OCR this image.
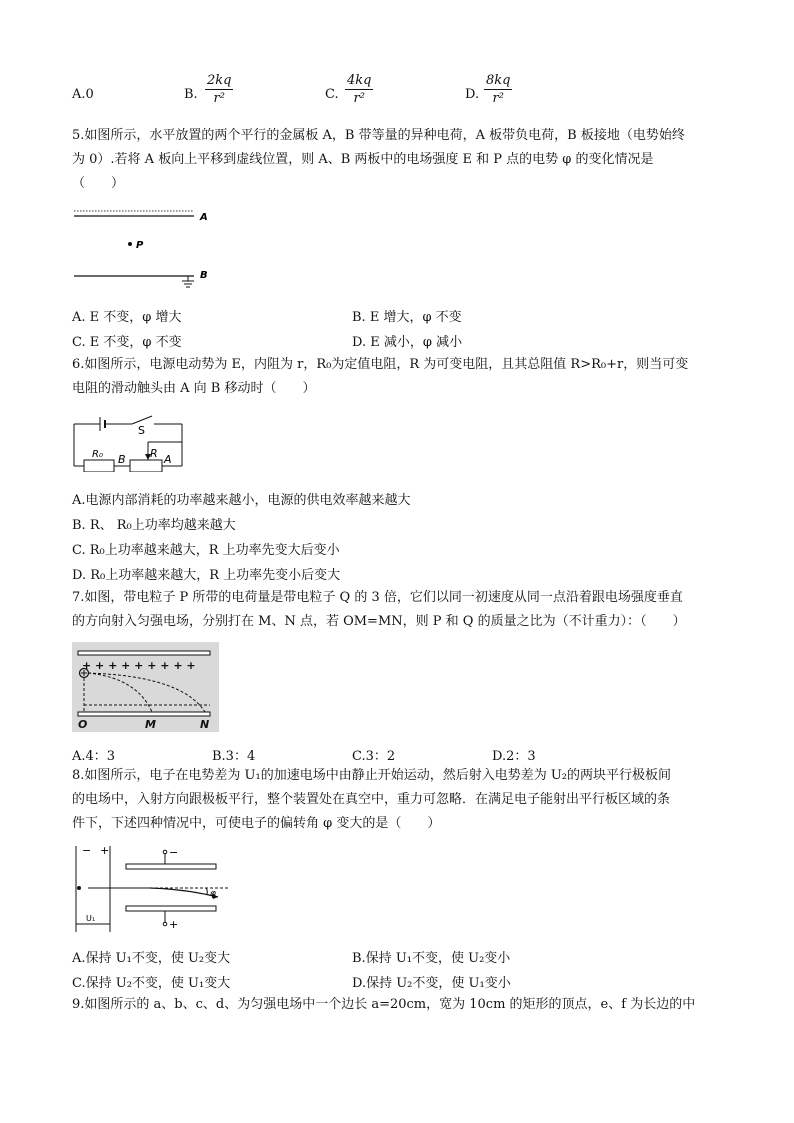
A.0	B. $\frac{2kq}{\text{r²}}$	C. $\frac{4kq}{\text{r²}}$	D. $\frac{8kq}{\text{r²}}$
5.如图所示，水平放置的两个平行的金属板 A，B 带等量的异种电荷，A 板带负电荷，B 板接地（电势始终
为 0）.若将 A 板向上平移到虚线位置，则 A、B 两板中的电场强度 E 和 P 点的电势 φ 的变化情况是
（　　）
A
P
B
A. E 不变，φ 增大	B. E 增大，φ 不变
C. E 不变，φ 不变	D. E 减小，φ 减小
6.如图所示，电源电动势为 E，内阻为 r，R₀为定值电阻，R 为可变电阻，且其总阻值 R>R₀+r，则当可变
电阻的滑动触头由 A 向 B 移动时（　　）
S
R₀ B R A
A.电源内部消耗的功率越来越小，电源的供电效率越来越大
B. R、 R₀上功率均越来越大
C. R₀上功率越来越大，R 上功率先变大后变小
D. R₀上功率越来越大，R 上功率先变小后变大
7.如图，带电粒子 P 所带的电荷量是带电粒子 Q 的 3 倍，它们以同一初速度从同一点沿着跟电场强度垂直
的方向射入匀强电场，分别打在 M、N 点，若 OM=MN，则 P 和 Q 的质量之比为（不计重力）：（　　）
+ + + + + + + + +
O	M	N
A.4：3	B.3：4	C.3：2	D.2：3
8.如图所示，电子在电势差为 U₁的加速电场中由静止开始运动，然后射入电势差为 U₂的两块平行极板间
的电场中，入射方向跟极板平行，整个装置处在真空中，重力可忽略．在满足电子能射出平行板区域的条
件下，下述四种情况中，可使电子的偏转角 φ 变大的是（　　）
− +	−
+
φ
U₁
A.保持 U₁不变，使 U₂变大	B.保持 U₁不变，使 U₂变小
C.保持 U₂不变，使 U₁变大	D.保持 U₂不变，使 U₁变小
9.如图所示的 a、b、c、d、为匀强电场中一个边长 a=20cm，宽为 10cm 的矩形的顶点，e、f 为长边的中
